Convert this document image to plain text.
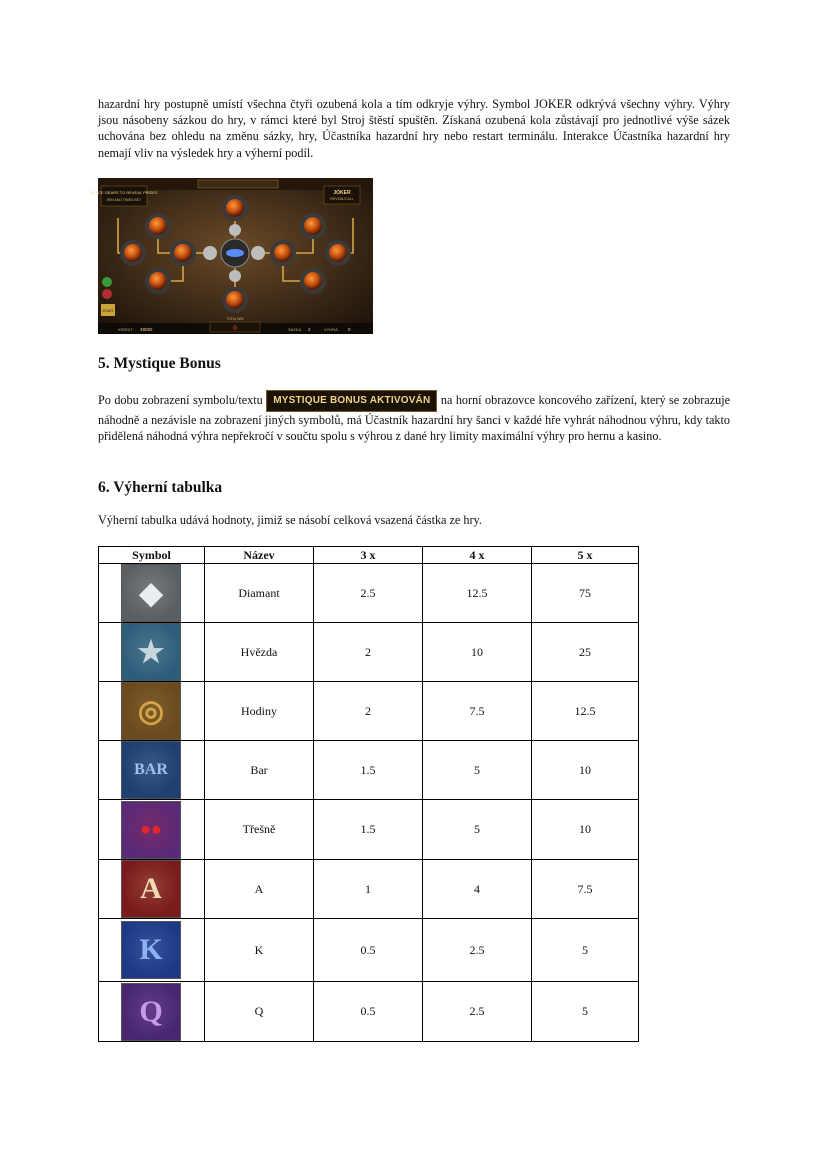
hazardní hry postupně umístí všechna čtyři ozubená kola a tím odkryje výhry. Symbol JOKER odkrývá všechny výhry. Výhry jsou násobeny sázkou do hry, v rámci které byl Stroj štěstí spuštěn. Získaná ozubená kola zůstávají pro jednotlivé výše sázek uchována bez ohledu na změnu sázky, hry, Účastníka hazardní hry nebo restart terminálu. Interakce Účastníka hazardní hry nemají vliv na výsledek hry a výherní podíl.

PLACE GEARS TO REVEAL PRIZES
WIN AND TIMES BET
JOKER
REVEALS ALL
START
KREDIT 48082
TOTAL WIN
0	SÁZKA 2	VÝHRA 0
5. Mystique Bonus

Po dobu zobrazení symbolu/textu MYSTIQUE BONUS AKTIVOVÁN na horní obrazovce koncového zařízení, který se zobrazuje náhodně a nezávisle na zobrazení jiných symbolů, má Účastník hazardní hry šanci v každé hře vyhrát náhodnou výhru, kdy takto přidělená náhodná výhra nepřekročí v součtu spolu s výhrou z dané hry limity maximální výhry pro hernu a kasino.

6. Výherní tabulka

Výherní tabulka udává hodnoty, jimiž se násobí celková vsazená částka ze hry.

Symbol	Název	3 x	4 x	5 x

◆	Diamant	2.5	12.5	75

★	Hvězda	2	10	25

◎	Hodiny	2	7.5	12.5

BAR	Bar	1.5	5	10

●●	Třešně	1.5	5	10

A	A	1	4	7.5

K	K	0.5	2.5	5

Q	Q	0.5	2.5	5
